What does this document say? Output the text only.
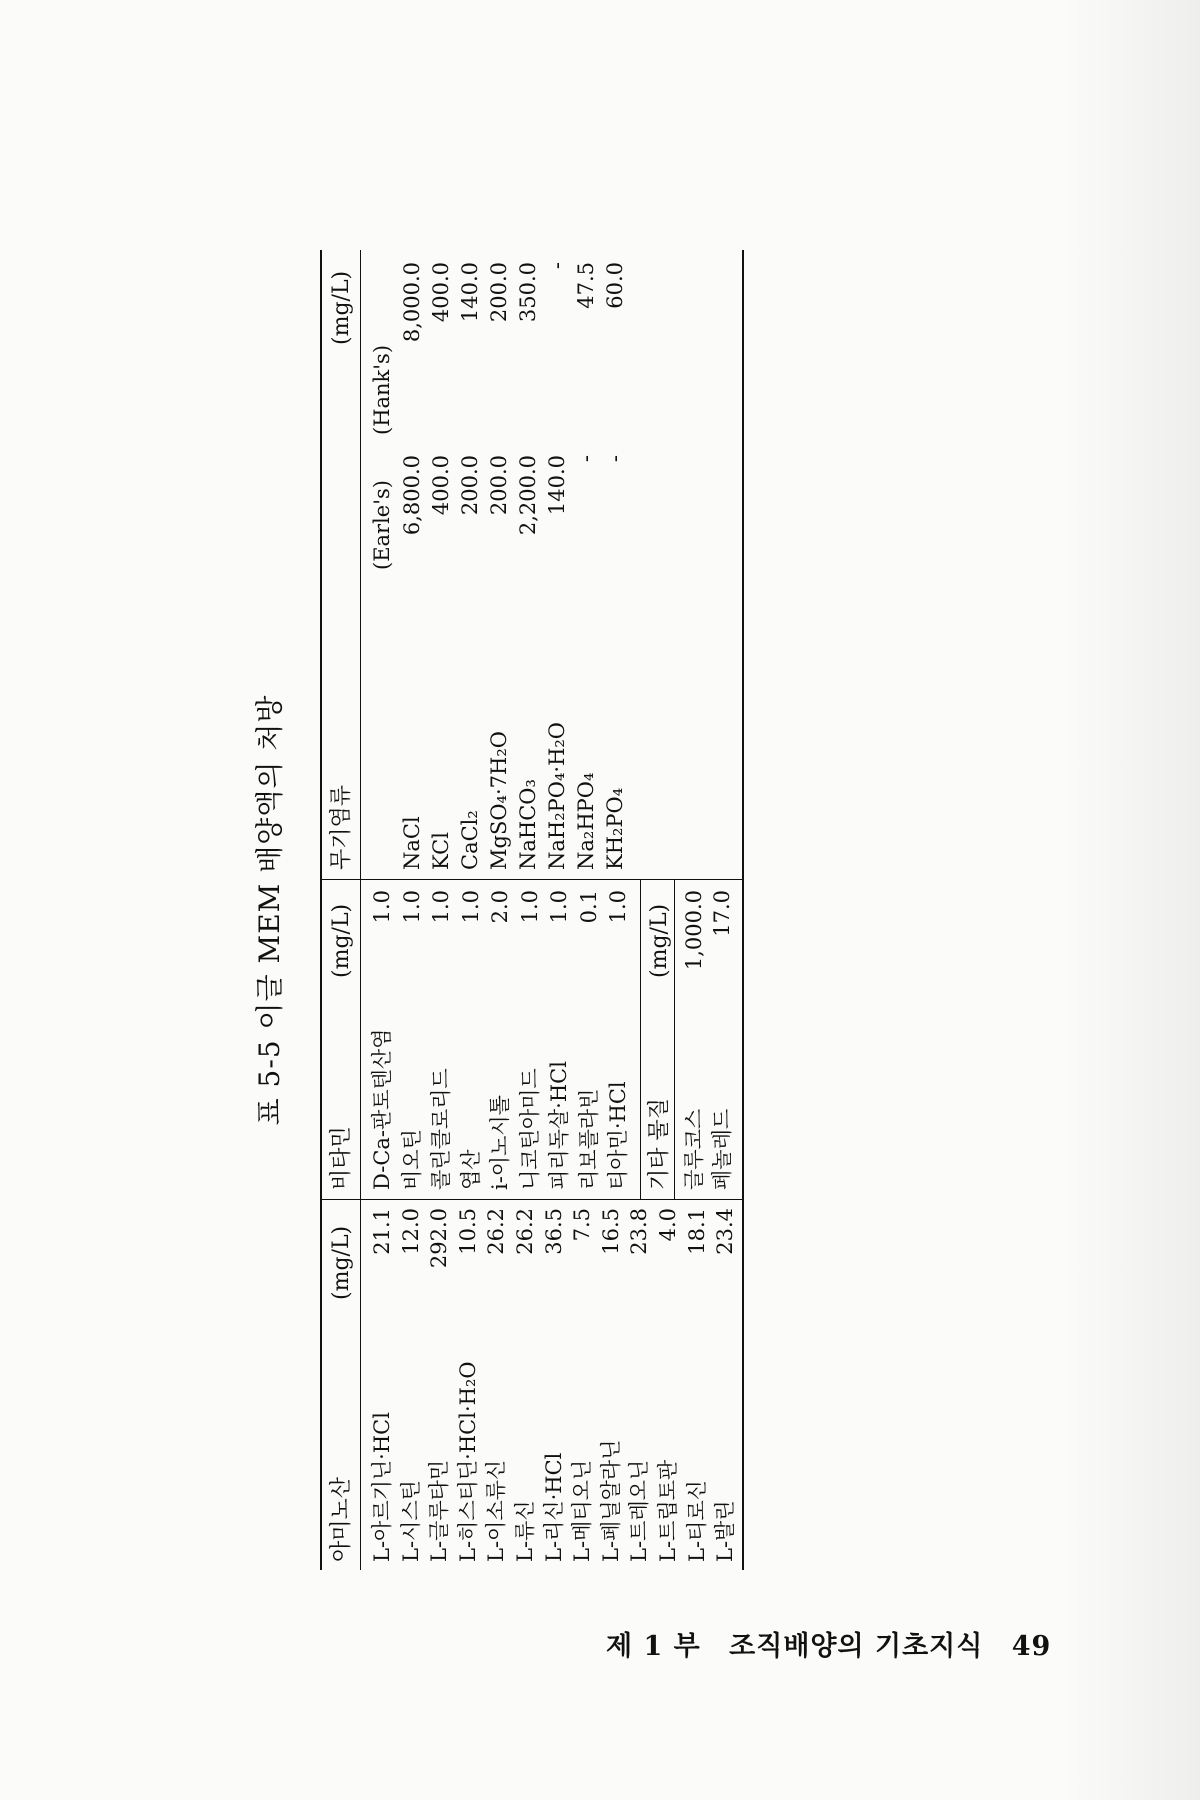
표 5-5 이글 MEM 배양액의 처방
아미노산
(mg/L)
L-아르기닌·HCl
21.1
L-시스틴
12.0
L-글루타민
292.0
L-히스티딘·HCl·H₂O
10.5
L-이소류신
26.2
L-류신
26.2
L-리신·HCl
36.5
L-메티오닌
7.5
L-페닐알라닌
16.5
L-트레오닌
23.8
L-트립토판
4.0
L-티로신
18.1
L-발린
23.4
비타민
(mg/L)
D-Ca-판토텐산염
1.0
비오틴
1.0
콜린클로리드
1.0
엽산
1.0
i-이노시톨
2.0
니코틴아미드
1.0
피리독살·HCl
1.0
리보플라빈
0.1
티아민·HCl
1.0
기타 물질
(mg/L)
글루코스
1,000.0
페놀레드
17.0
무기염류
(mg/L)
(Earle's)
(Hank's)
NaCl
6,800.0
8,000.0
KCl
400.0
400.0
CaCl₂
200.0
140.0
MgSO₄·7H₂O
200.0
200.0
NaHCO₃
2,200.0
350.0
NaH₂PO₄·H₂O
140.0
-
Na₂HPO₄
-
47.5
KH₂PO₄
-
60.0
제 1 부 조직배양의 기초지식 49
